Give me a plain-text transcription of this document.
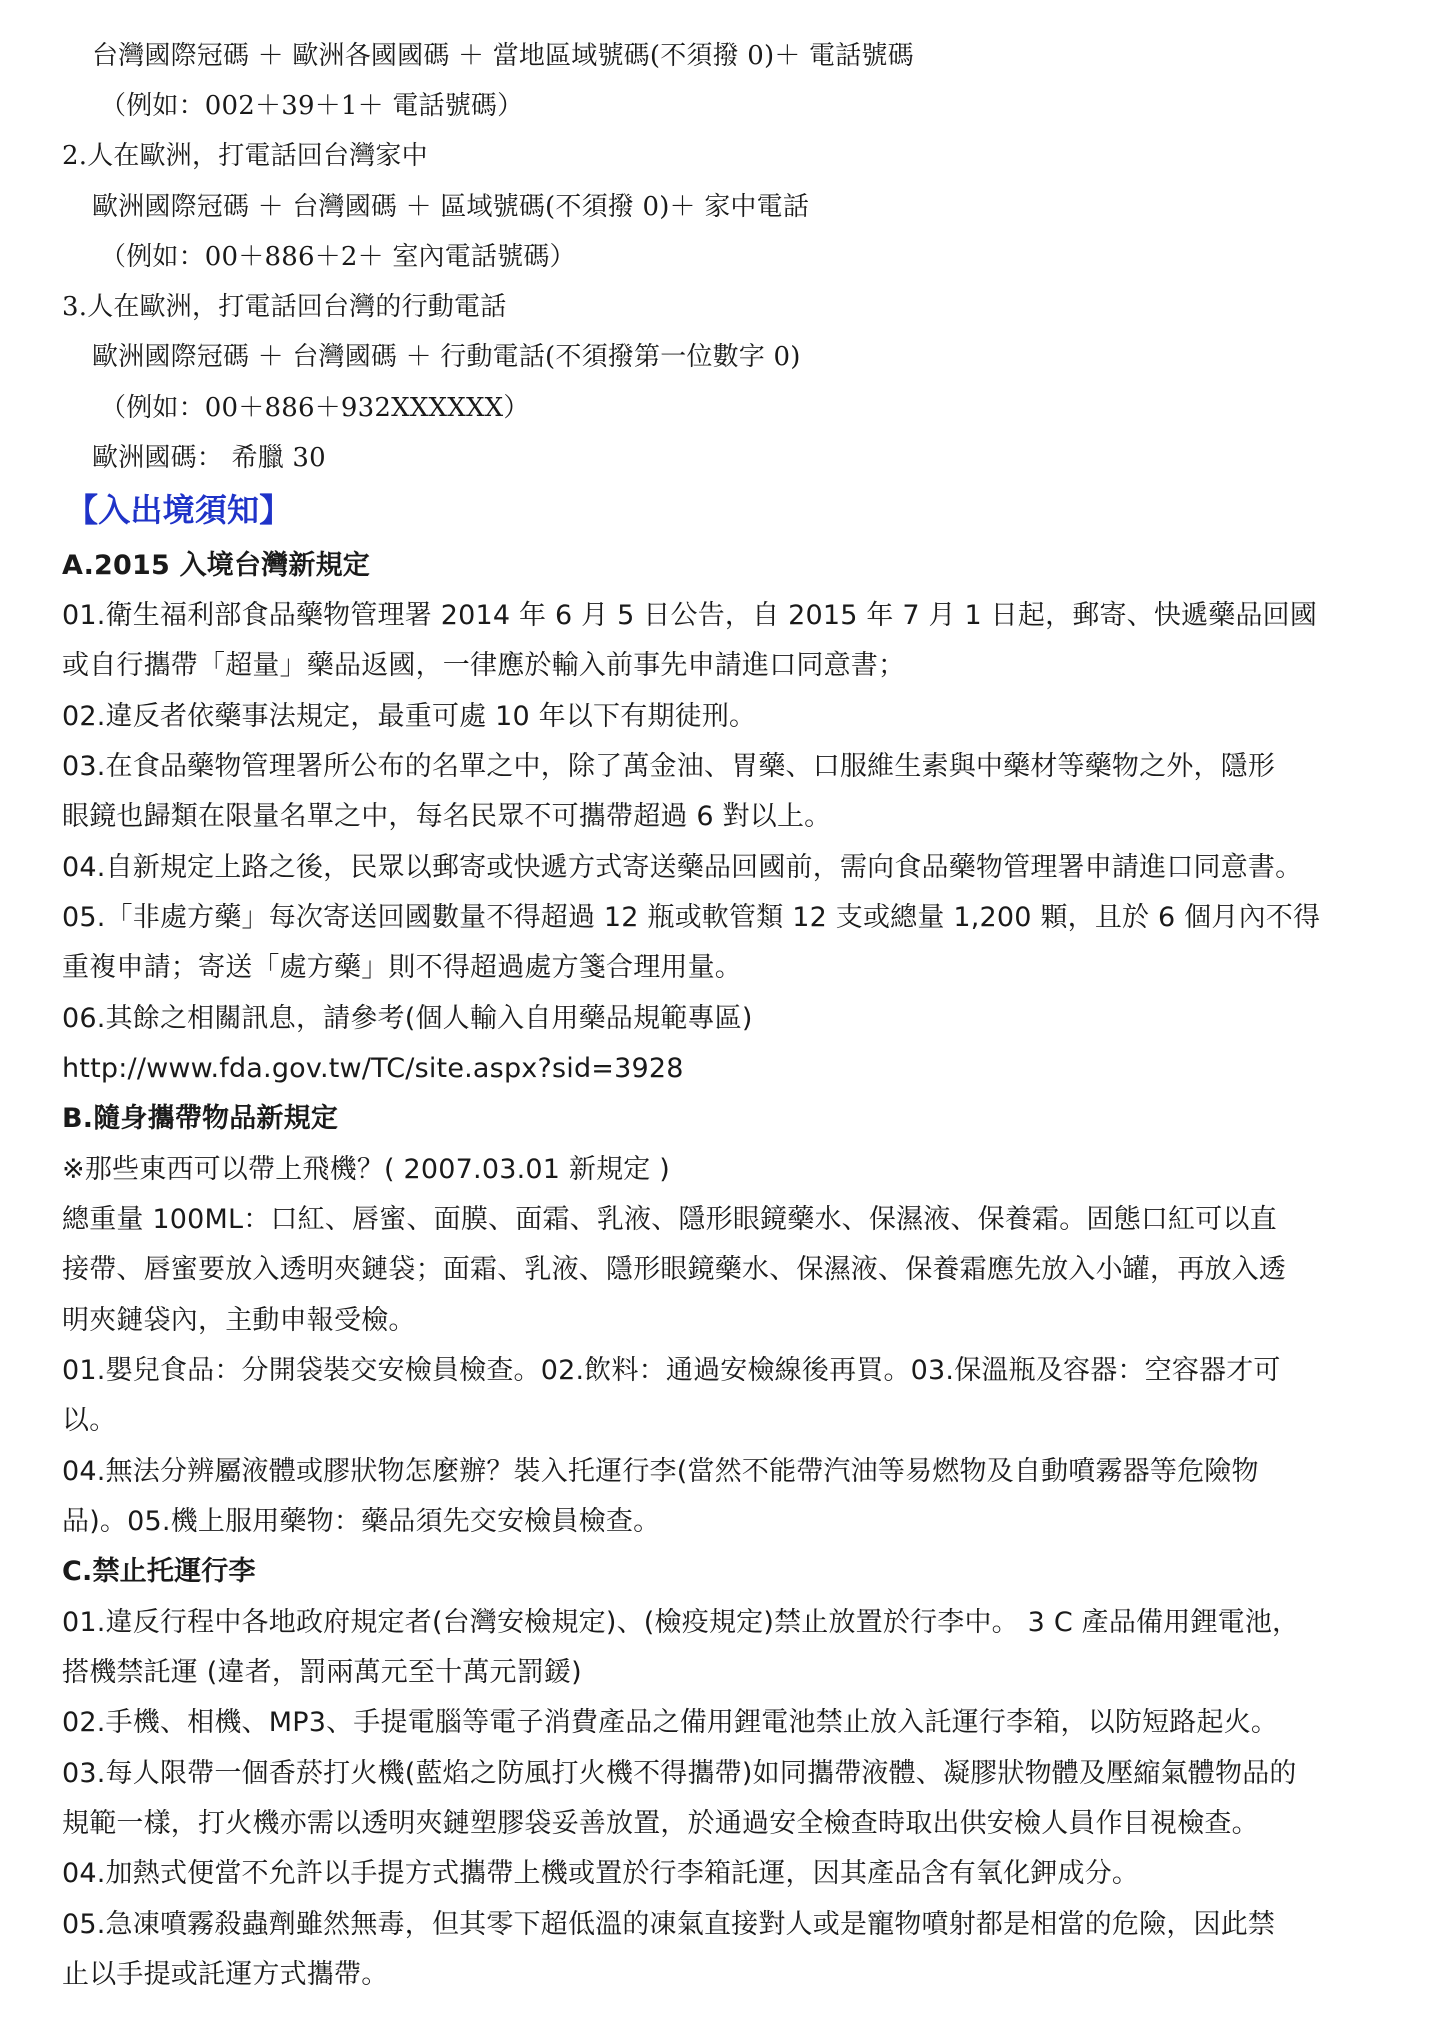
台灣國際冠碼 ＋ 歐洲各國國碼 ＋ 當地區域號碼(不須撥 0)＋ 電話號碼
（例如：002＋39＋1＋ 電話號碼）
2.人在歐洲，打電話回台灣家中
歐洲國際冠碼 ＋ 台灣國碼 ＋ 區域號碼(不須撥 0)＋ 家中電話
（例如：00＋886＋2＋ 室內電話號碼）
3.人在歐洲，打電話回台灣的行動電話
歐洲國際冠碼 ＋ 台灣國碼 ＋ 行動電話(不須撥第一位數字 0)
（例如：00＋886＋932XXXXXX）
歐洲國碼： 希臘 30
【入出境須知】
A.2015 入境台灣新規定
01.衛生福利部食品藥物管理署 2014 年 6 月 5 日公告，自 2015 年 7 月 1 日起，郵寄、快遞藥品回國
或自行攜帶「超量」藥品返國，一律應於輸入前事先申請進口同意書；
02.違反者依藥事法規定，最重可處 10 年以下有期徒刑。
03.在食品藥物管理署所公布的名單之中，除了萬金油、胃藥、口服維生素與中藥材等藥物之外，隱形
眼鏡也歸類在限量名單之中，每名民眾不可攜帶超過 6 對以上。
04.自新規定上路之後，民眾以郵寄或快遞方式寄送藥品回國前，需向食品藥物管理署申請進口同意書。
05.「非處方藥」每次寄送回國數量不得超過 12 瓶或軟管類 12 支或總量 1,200 顆，且於 6 個月內不得
重複申請；寄送「處方藥」則不得超過處方箋合理用量。
06.其餘之相關訊息，請參考(個人輸入自用藥品規範專區)
http://www.fda.gov.tw/TC/site.aspx?sid=3928
B.隨身攜帶物品新規定
※那些東西可以帶上飛機？( 2007.03.01 新規定 )
總重量 100ML：口紅、唇蜜、面膜、面霜、乳液、隱形眼鏡藥水、保濕液、保養霜。固態口紅可以直
接帶、唇蜜要放入透明夾鏈袋；面霜、乳液、隱形眼鏡藥水、保濕液、保養霜應先放入小罐，再放入透
明夾鏈袋內，主動申報受檢。
01.嬰兒食品：分開袋裝交安檢員檢查。02.飲料：通過安檢線後再買。03.保溫瓶及容器：空容器才可
以。
04.無法分辨屬液體或膠狀物怎麼辦？裝入托運行李(當然不能帶汽油等易燃物及自動噴霧器等危險物
品)。05.機上服用藥物：藥品須先交安檢員檢查。
C.禁止托運行李
01.違反行程中各地政府規定者(台灣安檢規定)、(檢疫規定)禁止放置於行李中。 3 C 產品備用鋰電池，
搭機禁託運 (違者，罰兩萬元至十萬元罰鍰)
02.手機、相機、MP3、手提電腦等電子消費產品之備用鋰電池禁止放入託運行李箱，以防短路起火。
03.每人限帶一個香菸打火機(藍焰之防風打火機不得攜帶)如同攜帶液體、凝膠狀物體及壓縮氣體物品的
規範一樣，打火機亦需以透明夾鏈塑膠袋妥善放置，於通過安全檢查時取出供安檢人員作目視檢查。
04.加熱式便當不允許以手提方式攜帶上機或置於行李箱託運，因其產品含有氧化鉀成分。
05.急凍噴霧殺蟲劑雖然無毒，但其零下超低溫的凍氣直接對人或是寵物噴射都是相當的危險，因此禁
止以手提或託運方式攜帶。
